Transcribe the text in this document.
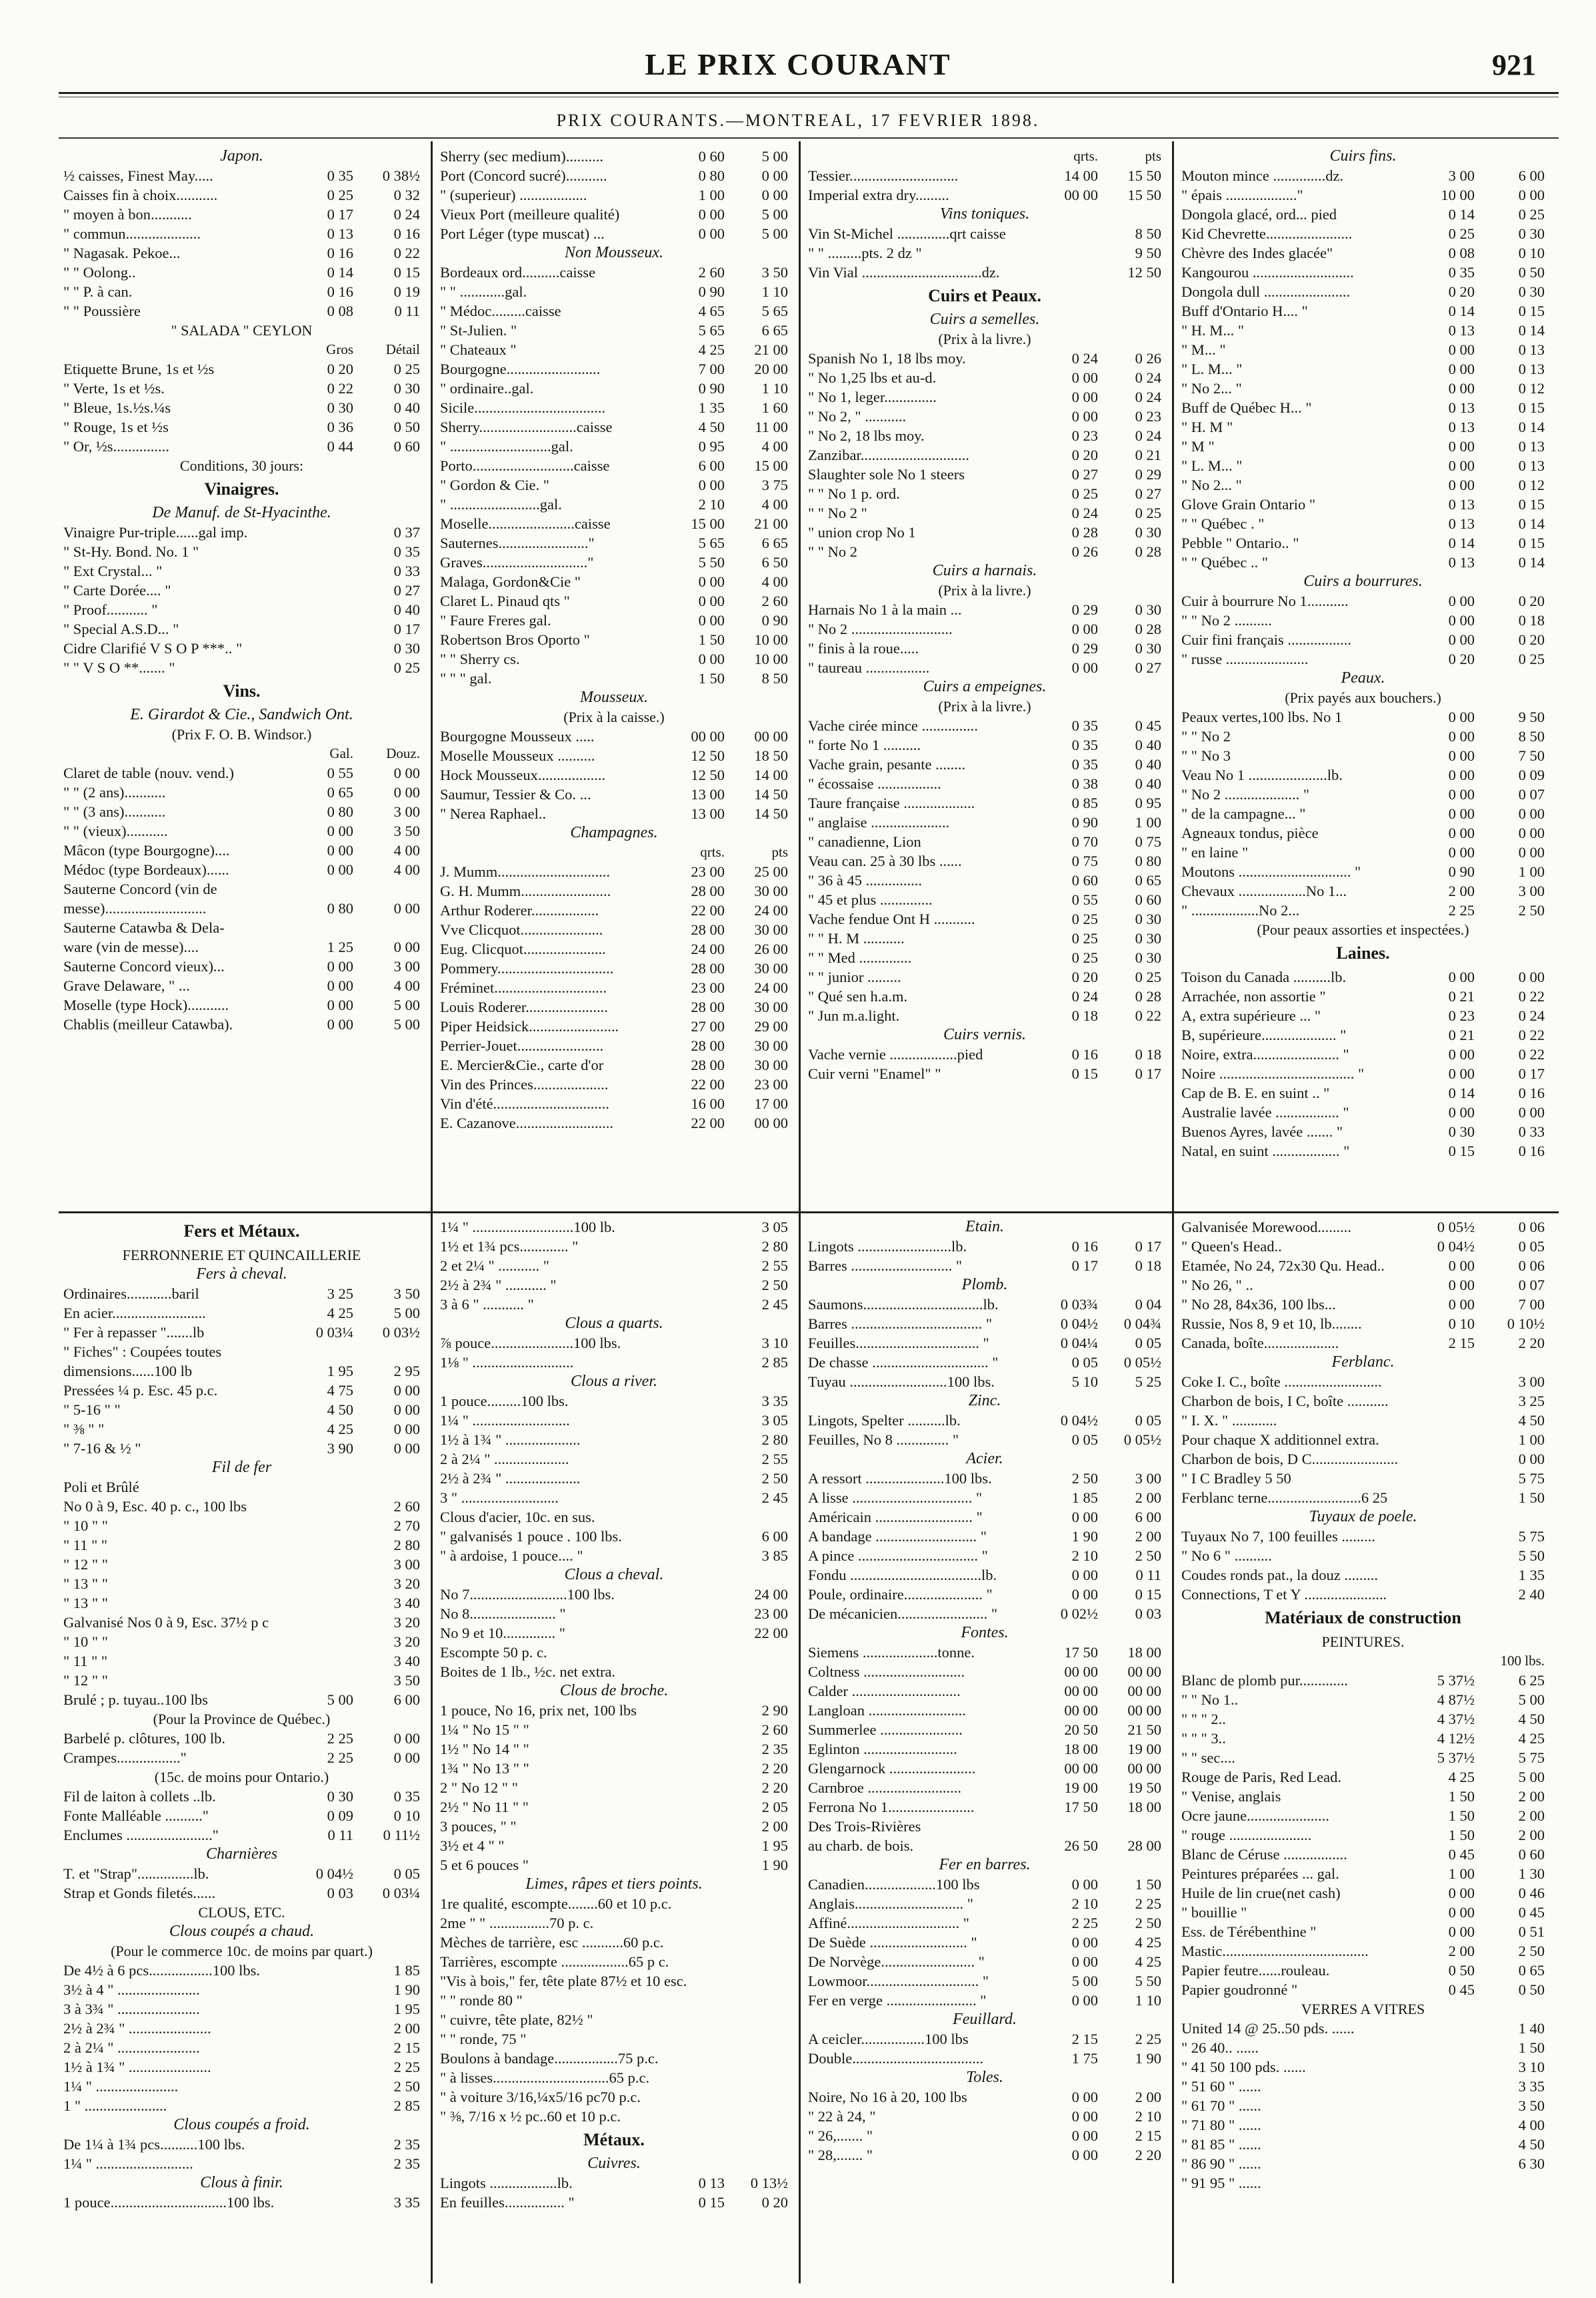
LE PRIX COURANT	921
PRIX COURANTS.—MONTREAL, 17 FEVRIER 1898.
Japon.
½ caisses, Finest May.....	0 35	0 38½
Caisses fin à choix...........	0 25	0 32
" moyen à bon...........	0 17	0 24
" commun....................	0 13	0 16
" Nagasak. Pekoe...	0 16	0 22
" " Oolong..	0 14	0 15
" " P. à can.	0 16	0 19
" " Poussière	0 08	0 11
" SALADA " CEYLON
Gros	Détail
Etiquette Brune, 1s et ½s	0 20	0 25
" Verte, 1s et ½s.	0 22	0 30
" Bleue, 1s.½s.¼s	0 30	0 40
" Rouge, 1s et ½s	0 36	0 50
" Or, ½s...............	0 44	0 60
Conditions, 30 jours:
Vinaigres.
De Manuf. de St-Hyacinthe.
Vinaigre Pur-triple......gal imp.	0 37
" St-Hy. Bond. No. 1 "	0 35
" Ext Crystal... "	0 33
" Carte Dorée.... "	0 27
" Proof........... "	0 40
" Special A.S.D... "	0 17
Cidre Clarifié V S O P ***.. "	0 30
" " V S O **....... "	0 25
Vins.
E. Girardot & Cie., Sandwich Ont.
(Prix F. O. B. Windsor.)
Gal.	Douz.
Claret de table (nouv. vend.)	0 55	0 00
" " (2 ans)...........	0 65	0 00
" " (3 ans)...........	0 80	3 00
" " (vieux)...........	0 00	3 50
Mâcon (type Bourgogne)....	0 00	4 00
Médoc (type Bordeaux)......	0 00	4 00
Sauterne Concord (vin de
messe)...........................	0 80	0 00
Sauterne Catawba & Dela-
ware (vin de messe)....	1 25	0 00
Sauterne Concord vieux)...	0 00	3 00
Grave Delaware, " ...	0 00	4 00
Moselle (type Hock)...........	0 00	5 00
Chablis (meilleur Catawba).	0 00	5 00
Sherry (sec medium)..........	0 60	5 00
Port (Concord sucré)...........	0 80	0 00
" (superieur) ..................	1 00	0 00
Vieux Port (meilleure qualité)	0 00	5 00
Port Léger (type muscat) ...	0 00	5 00
Non Mousseux.
Bordeaux ord..........caisse	2 60	3 50
" " ............gal.	0 90	1 10
" Médoc.........caisse	4 65	5 65
" St-Julien. "	5 65	6 65
" Chateaux "	4 25	21 00
Bourgogne.........................	7 00	20 00
" ordinaire..gal.	0 90	1 10
Sicile...................................	1 35	1 60
Sherry..........................caisse	4 50	11 00
" ...........................gal.	0 95	4 00
Porto...........................caisse	6 00	15 00
" Gordon & Cie. "	0 00	3 75
" ........................gal.	2 10	4 00
Moselle.......................caisse	15 00	21 00
Sauternes........................"	5 65	6 65
Graves............................"	5 50	6 50
Malaga, Gordon&Cie "	0 00	4 00
Claret L. Pinaud qts "	0 00	2 60
" Faure Freres gal.	0 00	0 90
Robertson Bros Oporto "	1 50	10 00
" " Sherry cs.	0 00	10 00
" " " gal.	1 50	8 50
Mousseux.
(Prix à la caisse.)
Bourgogne Mousseux .....	00 00	00 00
Moselle Mousseux ..........	12 50	18 50
Hock Mousseux..................	12 50	14 00
Saumur, Tessier & Co. ...	13 00	14 50
" Nerea Raphael..	13 00	14 50
Champagnes.
qrts.	pts
J. Mumm..............................	23 00	25 00
G. H. Mumm........................	28 00	30 00
Arthur Roderer..................	22 00	24 00
Vve Clicquot......................	28 00	30 00
Eug. Clicquot......................	24 00	26 00
Pommery...............................	28 00	30 00
Fréminet..............................	23 00	24 00
Louis Roderer......................	28 00	30 00
Piper Heidsick........................	27 00	29 00
Perrier-Jouet.......................	28 00	30 00
E. Mercier&Cie., carte d'or	28 00	30 00
Vin des Princes....................	22 00	23 00
Vin d'été...............................	16 00	17 00
E. Cazanove..........................	22 00	00 00
qrts.	pts
Tessier.............................	14 00	15 50
Imperial extra dry.........	00 00	15 50
Vins toniques.
Vin St-Michel ..............qrt caisse	8 50
" " .........pts. 2 dz "	9 50
Vin Vial ................................dz.	12 50
Cuirs et Peaux.
Cuirs a semelles.
(Prix à la livre.)
Spanish No 1, 18 lbs moy.	0 24	0 26
" No 1,25 lbs et au-d.	0 00	0 24
" No 1, leger..............	0 00	0 24
" No 2, " ...........	0 00	0 23
" No 2, 18 lbs moy.	0 23	0 24
Zanzibar.............................	0 20	0 21
Slaughter sole No 1 steers	0 27	0 29
" " No 1 p. ord.	0 25	0 27
" " No 2 "	0 24	0 25
" union crop No 1	0 28	0 30
" " No 2	0 26	0 28
Cuirs a harnais.
(Prix à la livre.)
Harnais No 1 à la main ...	0 29	0 30
" No 2 ...........................	0 00	0 28
" finis à la roue.....	0 29	0 30
" taureau .................	0 00	0 27
Cuirs a empeignes.
(Prix à la livre.)
Vache cirée mince ...............	0 35	0 45
" forte No 1 ..........	0 35	0 40
Vache grain, pesante ........	0 35	0 40
" écossaise .................	0 38	0 40
Taure française ...................	0 85	0 95
" anglaise .....................	0 90	1 00
" canadienne, Lion	0 70	0 75
Veau can. 25 à 30 lbs ......	0 75	0 80
" 36 à 45 ...............	0 60	0 65
" 45 et plus ..............	0 55	0 60
Vache fendue Ont H ...........	0 25	0 30
" " H. M ...........	0 25	0 30
" " Med ..............	0 25	0 30
" " junior .........	0 20	0 25
" Qué sen h.a.m.	0 24	0 28
" Jun m.a.light.	0 18	0 22
Cuirs vernis.
Vache vernie ..................pied	0 16	0 18
Cuir verni "Enamel" "	0 15	0 17
Cuirs fins.
Mouton mince ..............dz.	3 00	6 00
" épais ..................."	10 00	0 00
Dongola glacé, ord... pied	0 14	0 25
Kid Chevrette.......................	0 25	0 30
Chèvre des Indes glacée"	0 08	0 10
Kangourou ...........................	0 35	0 50
Dongola dull .......................	0 20	0 30
Buff d'Ontario H.... "	0 14	0 15
" H. M... "	0 13	0 14
" M... "	0 00	0 13
" L. M... "	0 00	0 13
" No 2... "	0 00	0 12
Buff de Québec H... "	0 13	0 15
" H. M "	0 13	0 14
" M "	0 00	0 13
" L. M... "	0 00	0 13
" No 2... "	0 00	0 12
Glove Grain Ontario "	0 13	0 15
" " Québec . "	0 13	0 14
Pebble " Ontario.. "	0 14	0 15
" " Québec .. "	0 13	0 14
Cuirs a bourrures.
Cuir à bourrure No 1...........	0 00	0 20
" " No 2 ..........	0 00	0 18
Cuir fini français .................	0 00	0 20
" russe ......................	0 20	0 25
Peaux.
(Prix payés aux bouchers.)
Peaux vertes,100 lbs. No 1	0 00	9 50
" " No 2	0 00	8 50
" " No 3	0 00	7 50
Veau No 1 .....................lb.	0 00	0 09
" No 2 .................... "	0 00	0 07
" de la campagne... "	0 00	0 00
Agneaux tondus, pièce	0 00	0 00
" en laine "	0 00	0 00
Moutons .............................. "	0 90	1 00
Chevaux ..................No 1...	2 00	3 00
" ..................No 2...	2 25	2 50
(Pour peaux assorties et inspectées.)
Laines.
Toison du Canada ..........lb.	0 00	0 00
Arrachée, non assortie "	0 21	0 22
A, extra supérieure ... "	0 23	0 24
B, supérieure.................... "	0 21	0 22
Noire, extra....................... "	0 00	0 22
Noire .................................... "	0 00	0 17
Cap de B. E. en suint .. "	0 14	0 16
Australie lavée ................. "	0 00	0 00
Buenos Ayres, lavée ....... "	0 30	0 33
Natal, en suint .................. "	0 15	0 16
Fers et Métaux.
FERRONNERIE ET QUINCAILLERIE
Fers à cheval.
Ordinaires............baril	3 25	3 50
En acier.........................	4 25	5 00
" Fer à repasser ".......lb	0 03¼	0 03½
" Fiches" : Coupées toutes
dimensions......100 lb	1 95	2 95
Pressées ¼ p. Esc. 45 p.c.	4 75	0 00
" 5-16 " "	4 50	0 00
" ⅜ " "	4 25	0 00
" 7-16 & ½ "	3 90	0 00
Fil de fer
Poli et Brûlé
No 0 à 9, Esc. 40 p. c., 100 lbs	2 60
" 10 " "	2 70
" 11 " "	2 80
" 12 " "	3 00
" 13 " "	3 20
" 13 " "	3 40
Galvanisé Nos 0 à 9, Esc. 37½ p c	3 20
" 10 " "	3 20
" 11 " "	3 40
" 12 " "	3 50
Brulé ; p. tuyau..100 lbs	5 00	6 00
(Pour la Province de Québec.)
Barbelé p. clôtures, 100 lb.	2 25	0 00
Crampes................."	2 25	0 00
(15c. de moins pour Ontario.)
Fil de laiton à collets ..lb.	0 30	0 35
Fonte Malléable .........."	0 09	0 10
Enclumes ......................."	0 11	0 11½
Charnières
T. et "Strap"...............lb.	0 04½	0 05
Strap et Gonds filetés......	0 03	0 03¼
CLOUS, ETC.
Clous coupés a chaud.
(Pour le commerce 10c. de moins par quart.)
De 4½ à 6 pcs.................100 lbs.	1 85
3½ à 4 " ......................	1 90
3 à 3¾ " ......................	1 95
2½ à 2¾ " ......................	2 00
2 à 2¼ " ......................	2 15
1½ à 1¾ " ......................	2 25
1¼ " ......................	2 50
1 " ......................	2 85
Clous coupés a froid.
De 1¼ à 1¾ pcs..........100 lbs.	2 35
1¼ " ..........................	2 35
Clous à finir.
1 pouce...............................100 lbs.	3 35
1¼ " ...........................100 lb.	3 05
1½ et 1¾ pcs............. "	2 80
2 et 2¼ " ........... "	2 55
2½ à 2¾ " ........... "	2 50
3 à 6 " ........... "	2 45
Clous a quarts.
⅞ pouce......................100 lbs.	3 10
1⅛ " ...........................	2 85
Clous a river.
1 pouce.........100 lbs.	3 35
1¼ " ..........................	3 05
1½ à 1¾ " ....................	2 80
2 à 2¼ " ....................	2 55
2½ à 2¾ " ....................	2 50
3 " ..........................	2 45
Clous d'acier, 10c. en sus.
" galvanisés 1 pouce . 100 lbs.	6 00
" à ardoise, 1 pouce.... "	3 85
Clous a cheval.
No 7..........................100 lbs.	24 00
No 8....................... "	23 00
No 9 et 10.............. "	22 00
Escompte 50 p. c.
Boites de 1 lb., ½c. net extra.
Clous de broche.
1 pouce, No 16, prix net, 100 lbs	2 90
1¼ " No 15 " "	2 60
1½ " No 14 " "	2 35
1¾ " No 13 " "	2 20
2 " No 12 " "	2 20
2½ " No 11 " "	2 05
3 pouces, " "	2 00
3½ et 4 " "	1 95
5 et 6 pouces "	1 90
Limes, râpes et tiers points.
1re qualité, escompte........60 et 10 p.c.
2me " " ................70 p. c.
Mèches de tarrière, esc ...........60 p.c.
Tarrières, escompte ..................65 p c.
"Vis à bois," fer, tête plate 87½ et 10 esc.
" " ronde 80 "
" cuivre, tête plate, 82½ "
" " ronde, 75 "
Boulons à bandage.................75 p.c.
" à lisses...............................65 p.c.
" à voiture 3/16,¼x5/16 pc70 p.c.
" ⅜, 7/16 x ½ pc..60 et 10 p.c.
Métaux.
Cuivres.
Lingots ..................lb.	0 13	0 13½
En feuilles................ "	0 15	0 20
Etain.
Lingots .........................lb.	0 16	0 17
Barres ........................... "	0 17	0 18
Plomb.
Saumons................................lb.	0 03¾	0 04
Barres ................................... "	0 04½	0 04¾
Feuilles................................. "	0 04¼	0 05
De chasse ............................... "	0 05	0 05½
Tuyau ..........................100 lbs.	5 10	5 25
Zinc.
Lingots, Spelter ..........lb.	0 04½	0 05
Feuilles, No 8 .............. "	0 05	0 05½
Acier.
A ressort .....................100 lbs.	2 50	3 00
A lisse ................................ "	1 85	2 00
Américain .......................... "	0 00	6 00
A bandage ........................... "	1 90	2 00
A pince ................................ "	2 10	2 50
Fondu ...................................lb.	0 00	0 11
Poule, ordinaire..................... "	0 00	0 15
De mécanicien........................ "	0 02½	0 03
Fontes.
Siemens ....................tonne.	17 50	18 00
Coltness ...........................	00 00	00 00
Calder .............................	00 00	00 00
Langloan ..........................	00 00	00 00
Summerlee ......................	20 50	21 50
Eglinton .........................	18 00	19 00
Glengarnock .......................	00 00	00 00
Carnbroe .........................	19 00	19 50
Ferrona No 1.......................	17 50	18 00
Des Trois-Rivières
au charb. de bois.	26 50	28 00
Fer en barres.
Canadien...................100 lbs	0 00	1 50
Anglais............................. "	2 10	2 25
Affiné.............................. "	2 25	2 50
De Suède .......................... "	0 00	4 25
De Norvège......................... "	0 00	4 25
Lowmoor.............................. "	5 00	5 50
Fer en verge ........................ "	0 00	1 10
Feuillard.
A ceicler.................100 lbs	2 15	2 25
Double...................................	1 75	1 90
Toles.
Noire, No 16 à 20, 100 lbs	0 00	2 00
" 22 à 24, "	0 00	2 10
" 26,....... "	0 00	2 15
" 28,....... "	0 00	2 20
Galvanisée Morewood.........	0 05½	0 06
" Queen's Head..	0 04½	0 05
Etamée, No 24, 72x30 Qu. Head..	0 00	0 06
" No 26, " ..	0 00	0 07
" No 28, 84x36, 100 lbs...	0 00	7 00
Russie, Nos 8, 9 et 10, lb........	0 10	0 10½
Canada, boîte....................	2 15	2 20
Ferblanc.
Coke I. C., boîte ..........................	3 00
Charbon de bois, I C, boîte ...........	3 25
" I. X. " ............	4 50
Pour chaque X additionnel extra.	1 00
Charbon de bois, D C.......................	0 00
" I C Bradley 5 50	5 75
Ferblanc terne.........................6 25	1 50
Tuyaux de poele.
Tuyaux No 7, 100 feuilles .........	5 75
" No 6 " ..........	5 50
Coudes ronds pat., la douz .........	1 35
Connections, T et Y ......................	2 40
Matériaux de construction
PEINTURES.
100 lbs.
Blanc de plomb pur.............	5 37½	6 25
" " No 1..	4 87½	5 00
" " " 2..	4 37½	4 50
" " " 3..	4 12½	4 25
" " sec....	5 37½	5 75
Rouge de Paris, Red Lead.	4 25	5 00
" Venise, anglais	1 50	2 00
Ocre jaune......................	1 50	2 00
" rouge ......................	1 50	2 00
Blanc de Céruse .................	0 45	0 60
Peintures préparées ... gal.	1 00	1 30
Huile de lin crue(net cash)	0 00	0 46
" bouillie "	0 00	0 45
Ess. de Térébenthine "	0 00	0 51
Mastic.......................................	2 00	2 50
Papier feutre......rouleau.	0 50	0 65
Papier goudronné "	0 45	0 50
VERRES A VITRES
United 14 @ 25..50 pds. ......	1 40
" 26 40.. ......	1 50
" 41 50 100 pds. ......	3 10
" 51 60 " ......	3 35
" 61 70 " ......	3 50
" 71 80 " ......	4 00
" 81 85 " ......	4 50
" 86 90 " ......	6 30
" 91 95 " ......
